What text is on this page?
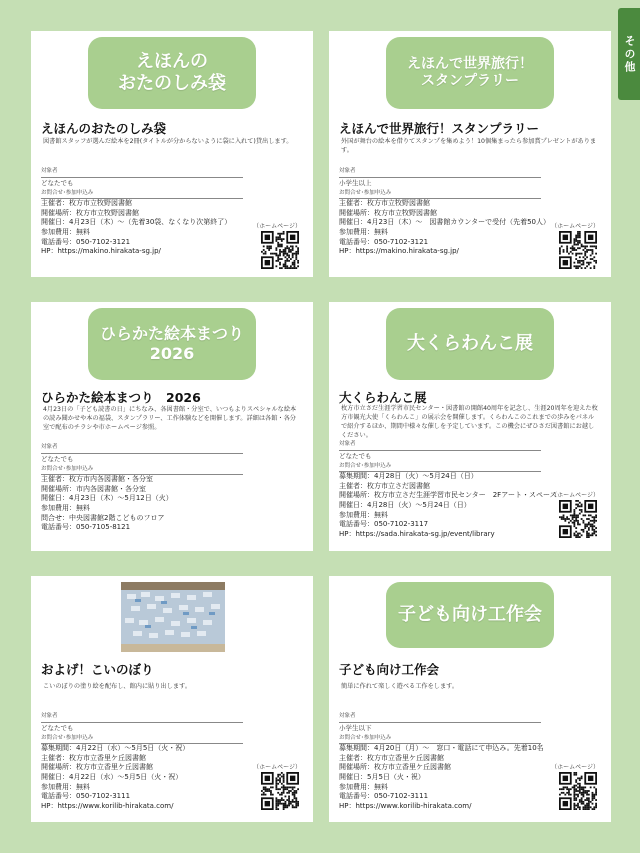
その他
えほんの
おたのしみ袋
えほんのおたのしみ袋
図書館スタッフが選んだ絵本を2冊(タイトルが分からないように袋に入れて)貸出します。
対象者
どなたでも
お問合せ･参加申込み
主催者：枚方市立牧野図書館
開催場所：枚方市立牧野図書館
開催日：4月23日（木）～（先着30袋、なくなり次第終了）
参加費用：無料
電話番号：050-7102-3121
HP：https://makino.hirakata-sg.jp/
（ホームページ）
えほんで世界旅行！
スタンプラリー
えほんで世界旅行！スタンプラリー
外国が舞台の絵本を借りてスタンプを集めよう！10個集まったら参加賞プレゼントがあります。
対象者
小学生以上
お問合せ･参加申込み
主催者：枚方市立牧野図書館
開催場所：枚方市立牧野図書館
開催日：4月23日（木）～　図書館カウンターで受付（先着50人）
参加費用：無料
電話番号：050-7102-3121
HP：https://makino.hirakata-sg.jp/
（ホームページ）
ひらかた絵本まつり
2026
ひらかた絵本まつり　2026
4月23日の「子ども読書の日」にちなみ、各図書館・分室で、いつもよりスペシャルな絵本の読み聞かせや本の福袋、スタンプラリー、工作体験などを開催します。詳細は各館・各分室で配布のチラシや市ホームページ参照。
対象者
どなたでも
お問合せ･参加申込み
主催者：枚方市内各図書館・各分室
開催場所：市内各図書館・各分室
開催日：4月23日（木）～5月12日（火）
参加費用：無料
問合せ：中央図書館2階こどものフロア
電話番号：050-7105-8121
大くらわんこ展
大くらわんこ展
枚方市立さだ生涯学習市民センター・図書館の開館40周年を記念し、生涯20周年を迎えた枚方市観光大使「くらわんこ」の展示会を開催します。くらわんこのこれまでの歩みをパネルで紹介するほか、期間中様々な催しを予定しています。この機会にぜひさだ図書館にお越しください。
対象者
どなたでも
お問合せ･参加申込み
募集期間：4月28日（火）～5月24日（日）
主催者：枚方市立さだ図書館
開催場所：枚方市立さだ生涯学習市民センター　2Fアート・スペース
開催日：4月28日（火）～5月24日（日）
参加費用：無料
電話番号：050-7102-3117
HP：https://sada.hirakata-sg.jp/event/library
（ホームページ）
およげ！こいのぼり
こいのぼりの塗り絵を配布し、館内に貼り出します。
対象者
どなたでも
お問合せ･参加申込み
募集期間：4月22日（水）～5月5日（火・祝）
主催者：枚方市立香里ケ丘図書館
開催場所：枚方市立香里ケ丘図書館
開催日：4月22日（水）～5月5日（火・祝）
参加費用：無料
電話番号：050-7102-3111
HP：https://www.korilib-hirakata.com/
（ホームページ）
子ども向け工作会
子ども向け工作会
簡単に作れて楽しく遊べる工作をします。
対象者
小学生以下
お問合せ･参加申込み
募集期間：4月20日（月）～　窓口・電話にて申込み。先着10名
主催者：枚方市立香里ケ丘図書館
開催場所：枚方市立香里ケ丘図書館
開催日：5月5日（火・祝）
参加費用：無料
電話番号：050-7102-3111
HP：https://www.korilib-hirakata.com/
（ホームページ）
